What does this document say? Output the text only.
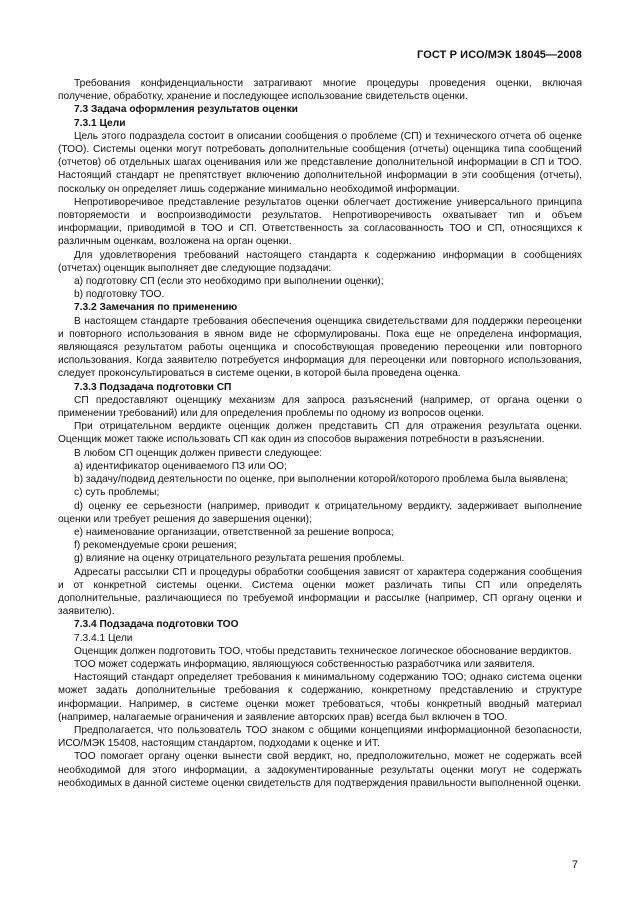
ГОСТ Р ИСО/МЭК 18045—2008

Требования конфиденциальности затрагивают многие процедуры проведения оценки, включая получение, обработку, хранение и последующее использование свидетельств оценки.

7.3 Задача оформления результатов оценки

7.3.1 Цели

Цель этого подраздела состоит в описании сообщения о проблеме (СП) и технического отчета об оценке (ТОО). Системы оценки могут потребовать дополнительные сообщения (отчеты) оценщика типа сообщений (отчетов) об отдельных шагах оценивания или же представление дополнительной информации в СП и ТОО. Настоящий стандарт не препятствует включению дополнительной информации в эти сообщения (отчеты), поскольку он определяет лишь содержание минимально необходимой информации.

Непротиворечивое представление результатов оценки облегчает достижение универсального принципа повторяемости и воспроизводимости результатов. Непротиворечивость охватывает тип и объем информации, приводимой в ТОО и СП. Ответственность за согласованность ТОО и СП, относящихся к различным оценкам, возложена на орган оценки.

Для удовлетворения требований настоящего стандарта к содержанию информации в сообщениях (отчетах) оценщик выполняет две следующие подзадачи:

a) подготовку СП (если это необходимо при выполнении оценки);

b) подготовку ТОО.

7.3.2 Замечания по применению

В настоящем стандарте требования обеспечения оценщика свидетельствами для поддержки переоценки и повторного использования в явном виде не сформулированы. Пока еще не определена информация, являющаяся результатом работы оценщика и способствующая проведению переоценки или повторного использования. Когда заявителю потребуется информация для переоценки или повторного использования, следует проконсультироваться в системе оценки, в которой была проведена оценка.

7.3.3 Подзадача подготовки СП

СП предоставляют оценщику механизм для запроса разъяснений (например, от органа оценки о применении требований) или для определения проблемы по одному из вопросов оценки.

При отрицательном вердикте оценщик должен представить СП для отражения результата оценки. Оценщик может также использовать СП как один из способов выражения потребности в разъяснении.

В любом СП оценщик должен привести следующее:

a) идентификатор оцениваемого ПЗ или ОО;

b) задачу/подвид деятельности по оценке, при выполнении которой/которого проблема была выявлена;

c) суть проблемы;

d) оценку ее серьезности (например, приводит к отрицательному вердикту, задерживает выполнение оценки или требует решения до завершения оценки);

e) наименование организации, ответственной за решение вопроса;

f) рекомендуемые сроки решения;

g) влияние на оценку отрицательного результата решения проблемы.

Адресаты рассылки СП и процедуры обработки сообщения зависят от характера содержания сообщения и от конкретной системы оценки. Система оценки может различать типы СП или определять дополнительные, различающиеся по требуемой информации и рассылке (например, СП органу оценки и заявителю).

7.3.4 Подзадача подготовки ТОО

7.3.4.1 Цели

Оценщик должен подготовить ТОО, чтобы представить техническое логическое обоснование вердиктов.

ТОО может содержать информацию, являющуюся собственностью разработчика или заявителя.

Настоящий стандарт определяет требования к минимальному содержанию ТОО; однако система оценки может задать дополнительные требования к содержанию, конкретному представлению и структуре информации. Например, в системе оценки может требоваться, чтобы конкретный вводный материал (например, налагаемые ограничения и заявление авторских прав) всегда был включен в ТОО.

Предполагается, что пользователь ТОО знаком с общими концепциями информационной безопасности, ИСО/МЭК 15408, настоящим стандартом, подходами к оценке и ИТ.

ТОО помогает органу оценки вынести свой вердикт, но, предположительно, может не содержать всей необходимой для этого информации, а задокументированные результаты оценки могут не содержать необходимых в данной системе оценки свидетельств для подтверждения правильности выполненной оценки.

7
